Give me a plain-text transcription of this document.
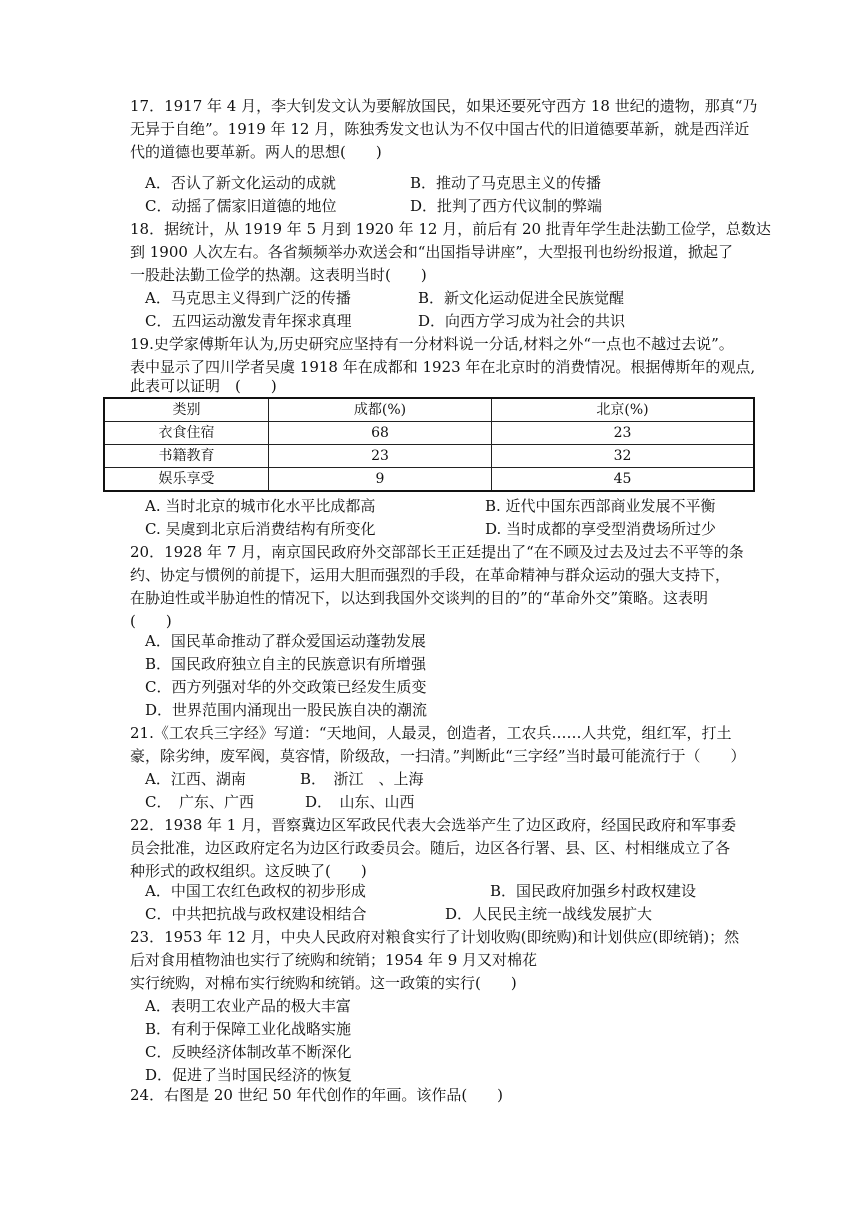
17．1917 年 4 月，李大钊发文认为要解放国民，如果还要死守西方 18 世纪的遗物，那真“乃

无异于自绝”。1919 年 12 月，陈独秀发文也认为不仅中国古代的旧道德要革新，就是西洋近

代的道德也要革新。两人的思想(　　)

A．否认了新文化运动的成就	B．推动了马克思主义的传播

C．动摇了儒家旧道德的地位	D．批判了西方代议制的弊端

18．据统计，从 1919 年 5 月到 1920 年 12 月，前后有 20 批青年学生赴法勤工俭学，总数达

到 1900 人次左右。各省频频举办欢送会和“出国指导讲座”，大型报刊也纷纷报道，掀起了

一股赴法勤工俭学的热潮。这表明当时(　　)

A．马克思主义得到广泛的传播	B．新文化运动促进全民族觉醒

C．五四运动激发青年探求真理	D．向西方学习成为社会的共识

19.史学家傅斯年认为,历史研究应坚持有一分材料说一分话,材料之外“一点也不越过去说”。

表中显示了四川学者吴虞 1918 年在成都和 1923 年在北京时的消费情况。根据傅斯年的观点,

此表可以证明　(　　)

类别	成都(%)	北京(%)
衣食住宿	68	23
书籍教育	23	32
娱乐享受	9	45

A. 当时北京的城市化水平比成都高	B. 近代中国东西部商业发展不平衡

C. 吴虞到北京后消费结构有所变化	D. 当时成都的享受型消费场所过少

20．1928 年 7 月，南京国民政府外交部部长王正廷提出了“在不顾及过去及过去不平等的条

约、协定与惯例的前提下，运用大胆而强烈的手段，在革命精神与群众运动的强大支持下，

在胁迫性或半胁迫性的情况下，以达到我国外交谈判的目的”的“革命外交”策略。这表明

(　　)

A．国民革命推动了群众爱国运动蓬勃发展

B．国民政府独立自主的民族意识有所增强

C．西方列强对华的外交政策已经发生质变

D．世界范围内涌现出一股民族自决的潮流

21.《工农兵三字经》写道：“天地间，人最灵，创造者，工农兵……人共党，组红军，打土

豪，除劣绅，废军阀，莫容情，阶级敌，一扫清。”判断此“三字经”当时最可能流行于（　　）

A．江西、湖南	B．　浙江　、上海

C．　广东、广西	D．　山东、山西

22．1938 年 1 月，晋察冀边区军政民代表大会选举产生了边区政府，经国民政府和军事委

员会批准，边区政府定名为边区行政委员会。随后，边区各行署、县、区、村相继成立了各

种形式的政权组织。这反映了(　　)

A．中国工农红色政权的初步形成	B．国民政府加强乡村政权建设

C．中共把抗战与政权建设相结合	D．人民民主统一战线发展扩大

23．1953 年 12 月，中央人民政府对粮食实行了计划收购(即统购)和计划供应(即统销)；然

后对食用植物油也实行了统购和统销；1954 年 9 月又对棉花

实行统购，对棉布实行统购和统销。这一政策的实行(　　)

A．表明工农业产品的极大丰富

B．有利于保障工业化战略实施

C．反映经济体制改革不断深化

D．促进了当时国民经济的恢复

24．右图是 20 世纪 50 年代创作的年画。该作品(　　)
